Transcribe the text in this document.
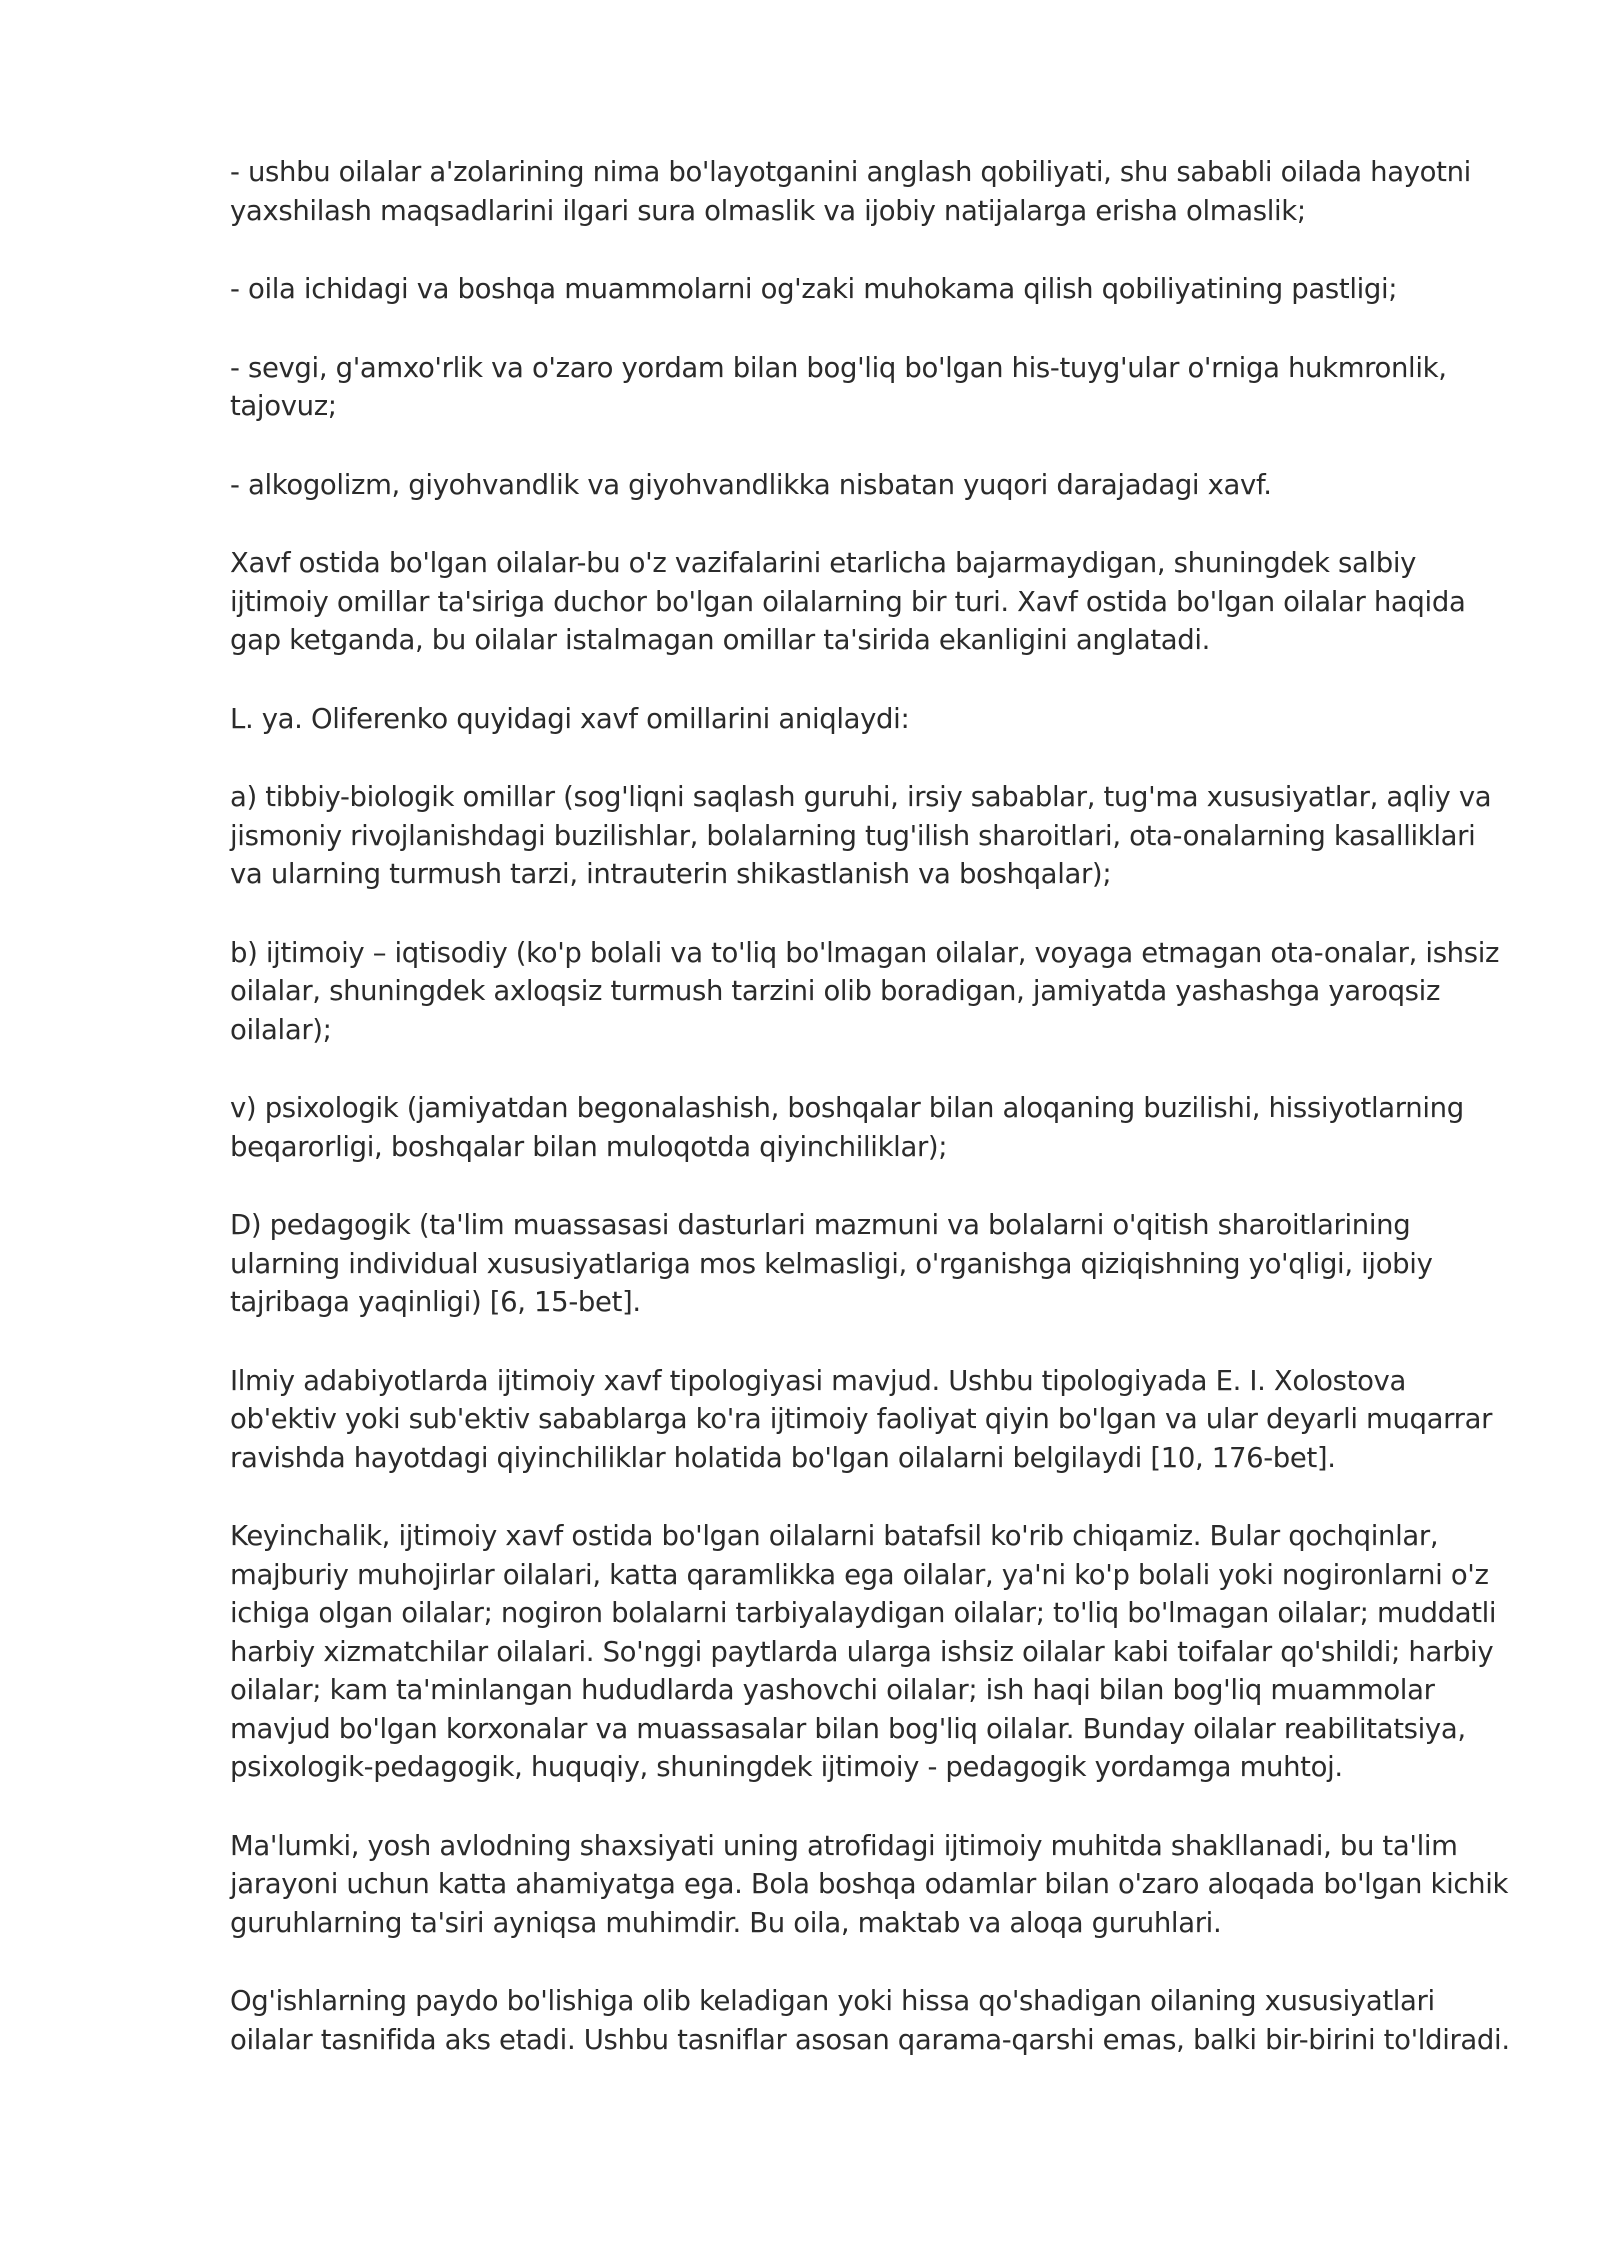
- ushbu oilalar a'zolarining nima bo'layotganini anglash qobiliyati, shu sababli oilada hayotni yaxshilash maqsadlarini ilgari sura olmaslik va ijobiy natijalarga erisha olmaslik;

- oila ichidagi va boshqa muammolarni og'zaki muhokama qilish qobiliyatining pastligi;

- sevgi, g'amxo'rlik va o'zaro yordam bilan bog'liq bo'lgan his-tuyg'ular o'rniga hukmronlik, tajovuz;

- alkogolizm, giyohvandlik va giyohvandlikka nisbatan yuqori darajadagi xavf.

Xavf ostida bo'lgan oilalar-bu o'z vazifalarini etarlicha bajarmaydigan, shuningdek salbiy ijtimoiy omillar ta'siriga duchor bo'lgan oilalarning bir turi. Xavf ostida bo'lgan oilalar haqida gap ketganda, bu oilalar istalmagan omillar ta'sirida ekanligini anglatadi.

L. ya. Oliferenko quyidagi xavf omillarini aniqlaydi:

a) tibbiy-biologik omillar (sog'liqni saqlash guruhi, irsiy sabablar, tug'ma xususiyatlar, aqliy va jismoniy rivojlanishdagi buzilishlar, bolalarning tug'ilish sharoitlari, ota-onalarning kasalliklari va ularning turmush tarzi, intrauterin shikastlanish va boshqalar);

b) ijtimoiy – iqtisodiy (ko'p bolali va to'liq bo'lmagan oilalar, voyaga etmagan ota-onalar, ishsiz oilalar, shuningdek axloqsiz turmush tarzini olib boradigan, jamiyatda yashashga yaroqsiz oilalar);

v) psixologik (jamiyatdan begonalashish, boshqalar bilan aloqaning buzilishi, hissiyotlarning beqarorligi, boshqalar bilan muloqotda qiyinchiliklar);

D) pedagogik (ta'lim muassasasi dasturlari mazmuni va bolalarni o'qitish sharoitlarining ularning individual xususiyatlariga mos kelmasligi, o'rganishga qiziqishning yo'qligi, ijobiy tajribaga yaqinligi) [6, 15-bet].

Ilmiy adabiyotlarda ijtimoiy xavf tipologiyasi mavjud. Ushbu tipologiyada E. I. Xolostova ob'ektiv yoki sub'ektiv sabablarga ko'ra ijtimoiy faoliyat qiyin bo'lgan va ular deyarli muqarrar ravishda hayotdagi qiyinchiliklar holatida bo'lgan oilalarni belgilaydi [10, 176-bet].

Keyinchalik, ijtimoiy xavf ostida bo'lgan oilalarni batafsil ko'rib chiqamiz. Bular qochqinlar, majburiy muhojirlar oilalari, katta qaramlikka ega oilalar, ya'ni ko'p bolali yoki nogironlarni o'z ichiga olgan oilalar; nogiron bolalarni tarbiyalaydigan oilalar; to'liq bo'lmagan oilalar; muddatli harbiy xizmatchilar oilalari. So'nggi paytlarda ularga ishsiz oilalar kabi toifalar qo'shildi; harbiy oilalar; kam ta'minlangan hududlarda yashovchi oilalar; ish haqi bilan bog'liq muammolar mavjud bo'lgan korxonalar va muassasalar bilan bog'liq oilalar. Bunday oilalar reabilitatsiya, psixologik-pedagogik, huquqiy, shuningdek ijtimoiy - pedagogik yordamga muhtoj.

Ma'lumki, yosh avlodning shaxsiyati uning atrofidagi ijtimoiy muhitda shakllanadi, bu ta'lim jarayoni uchun katta ahamiyatga ega. Bola boshqa odamlar bilan o'zaro aloqada bo'lgan kichik guruhlarning ta'siri ayniqsa muhimdir. Bu oila, maktab va aloqa guruhlari.

Og'ishlarning paydo bo'lishiga olib keladigan yoki hissa qo'shadigan oilaning xususiyatlari oilalar tasnifida aks etadi. Ushbu tasniflar asosan qarama-qarshi emas, balki bir-birini to'ldiradi.
